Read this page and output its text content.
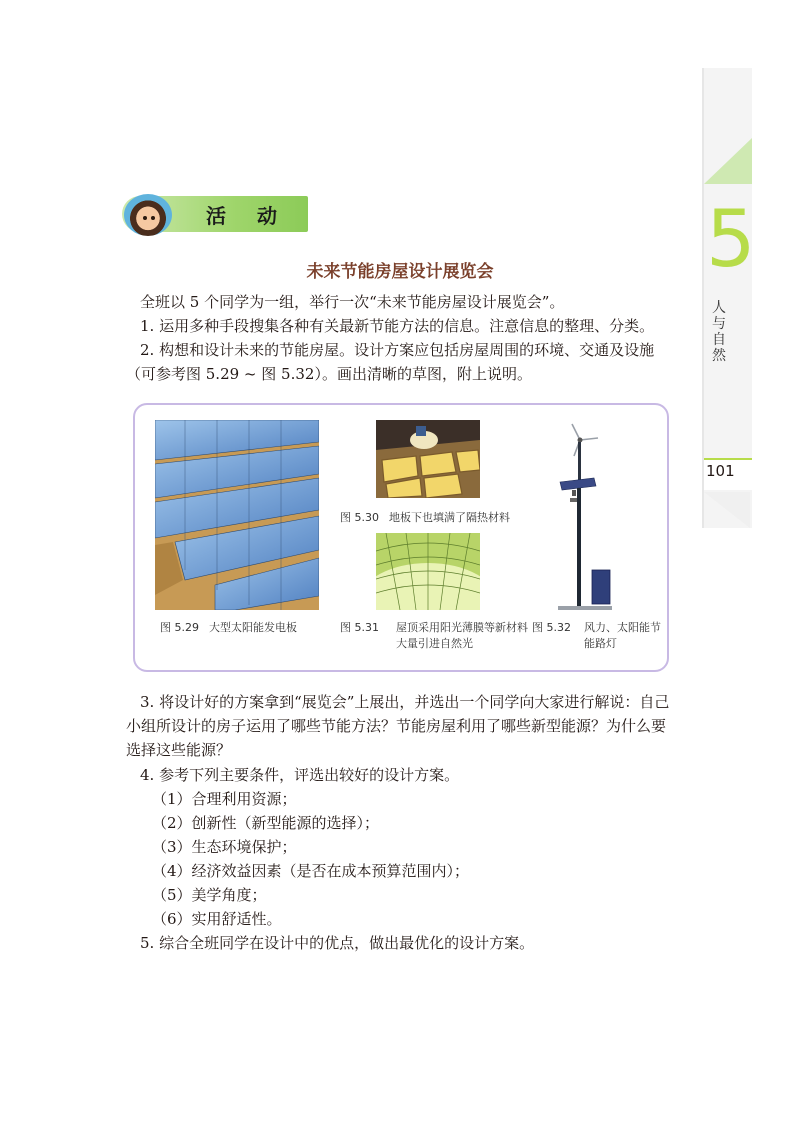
5
人与自然
101
活 动
未来节能房屋设计展览会
全班以 5 个同学为一组，举行一次“未来节能房屋设计展览会”。
1. 运用多种手段搜集各种有关最新节能方法的信息。注意信息的整理、分类。
2. 构想和设计未来的节能房屋。设计方案应包括房屋周围的环境、交通及设施（可参考图 5.29 ~ 图 5.32）。画出清晰的草图，附上说明。
图 5.29 大型太阳能发电板
图 5.30 地板下也填满了隔热材料
图 5.31 屋顶采用阳光薄膜等新材料大量引进自然光
图 5.32 风力、太阳能节能路灯
3. 将设计好的方案拿到“展览会”上展出，并选出一个同学向大家进行解说：自己小组所设计的房子运用了哪些节能方法？节能房屋利用了哪些新型能源？为什么要选择这些能源？
4. 参考下列主要条件，评选出较好的设计方案。
（1）合理利用资源；
（2）创新性（新型能源的选择）；
（3）生态环境保护；
（4）经济效益因素（是否在成本预算范围内）；
（5）美学角度；
（6）实用舒适性。
5. 综合全班同学在设计中的优点，做出最优化的设计方案。
